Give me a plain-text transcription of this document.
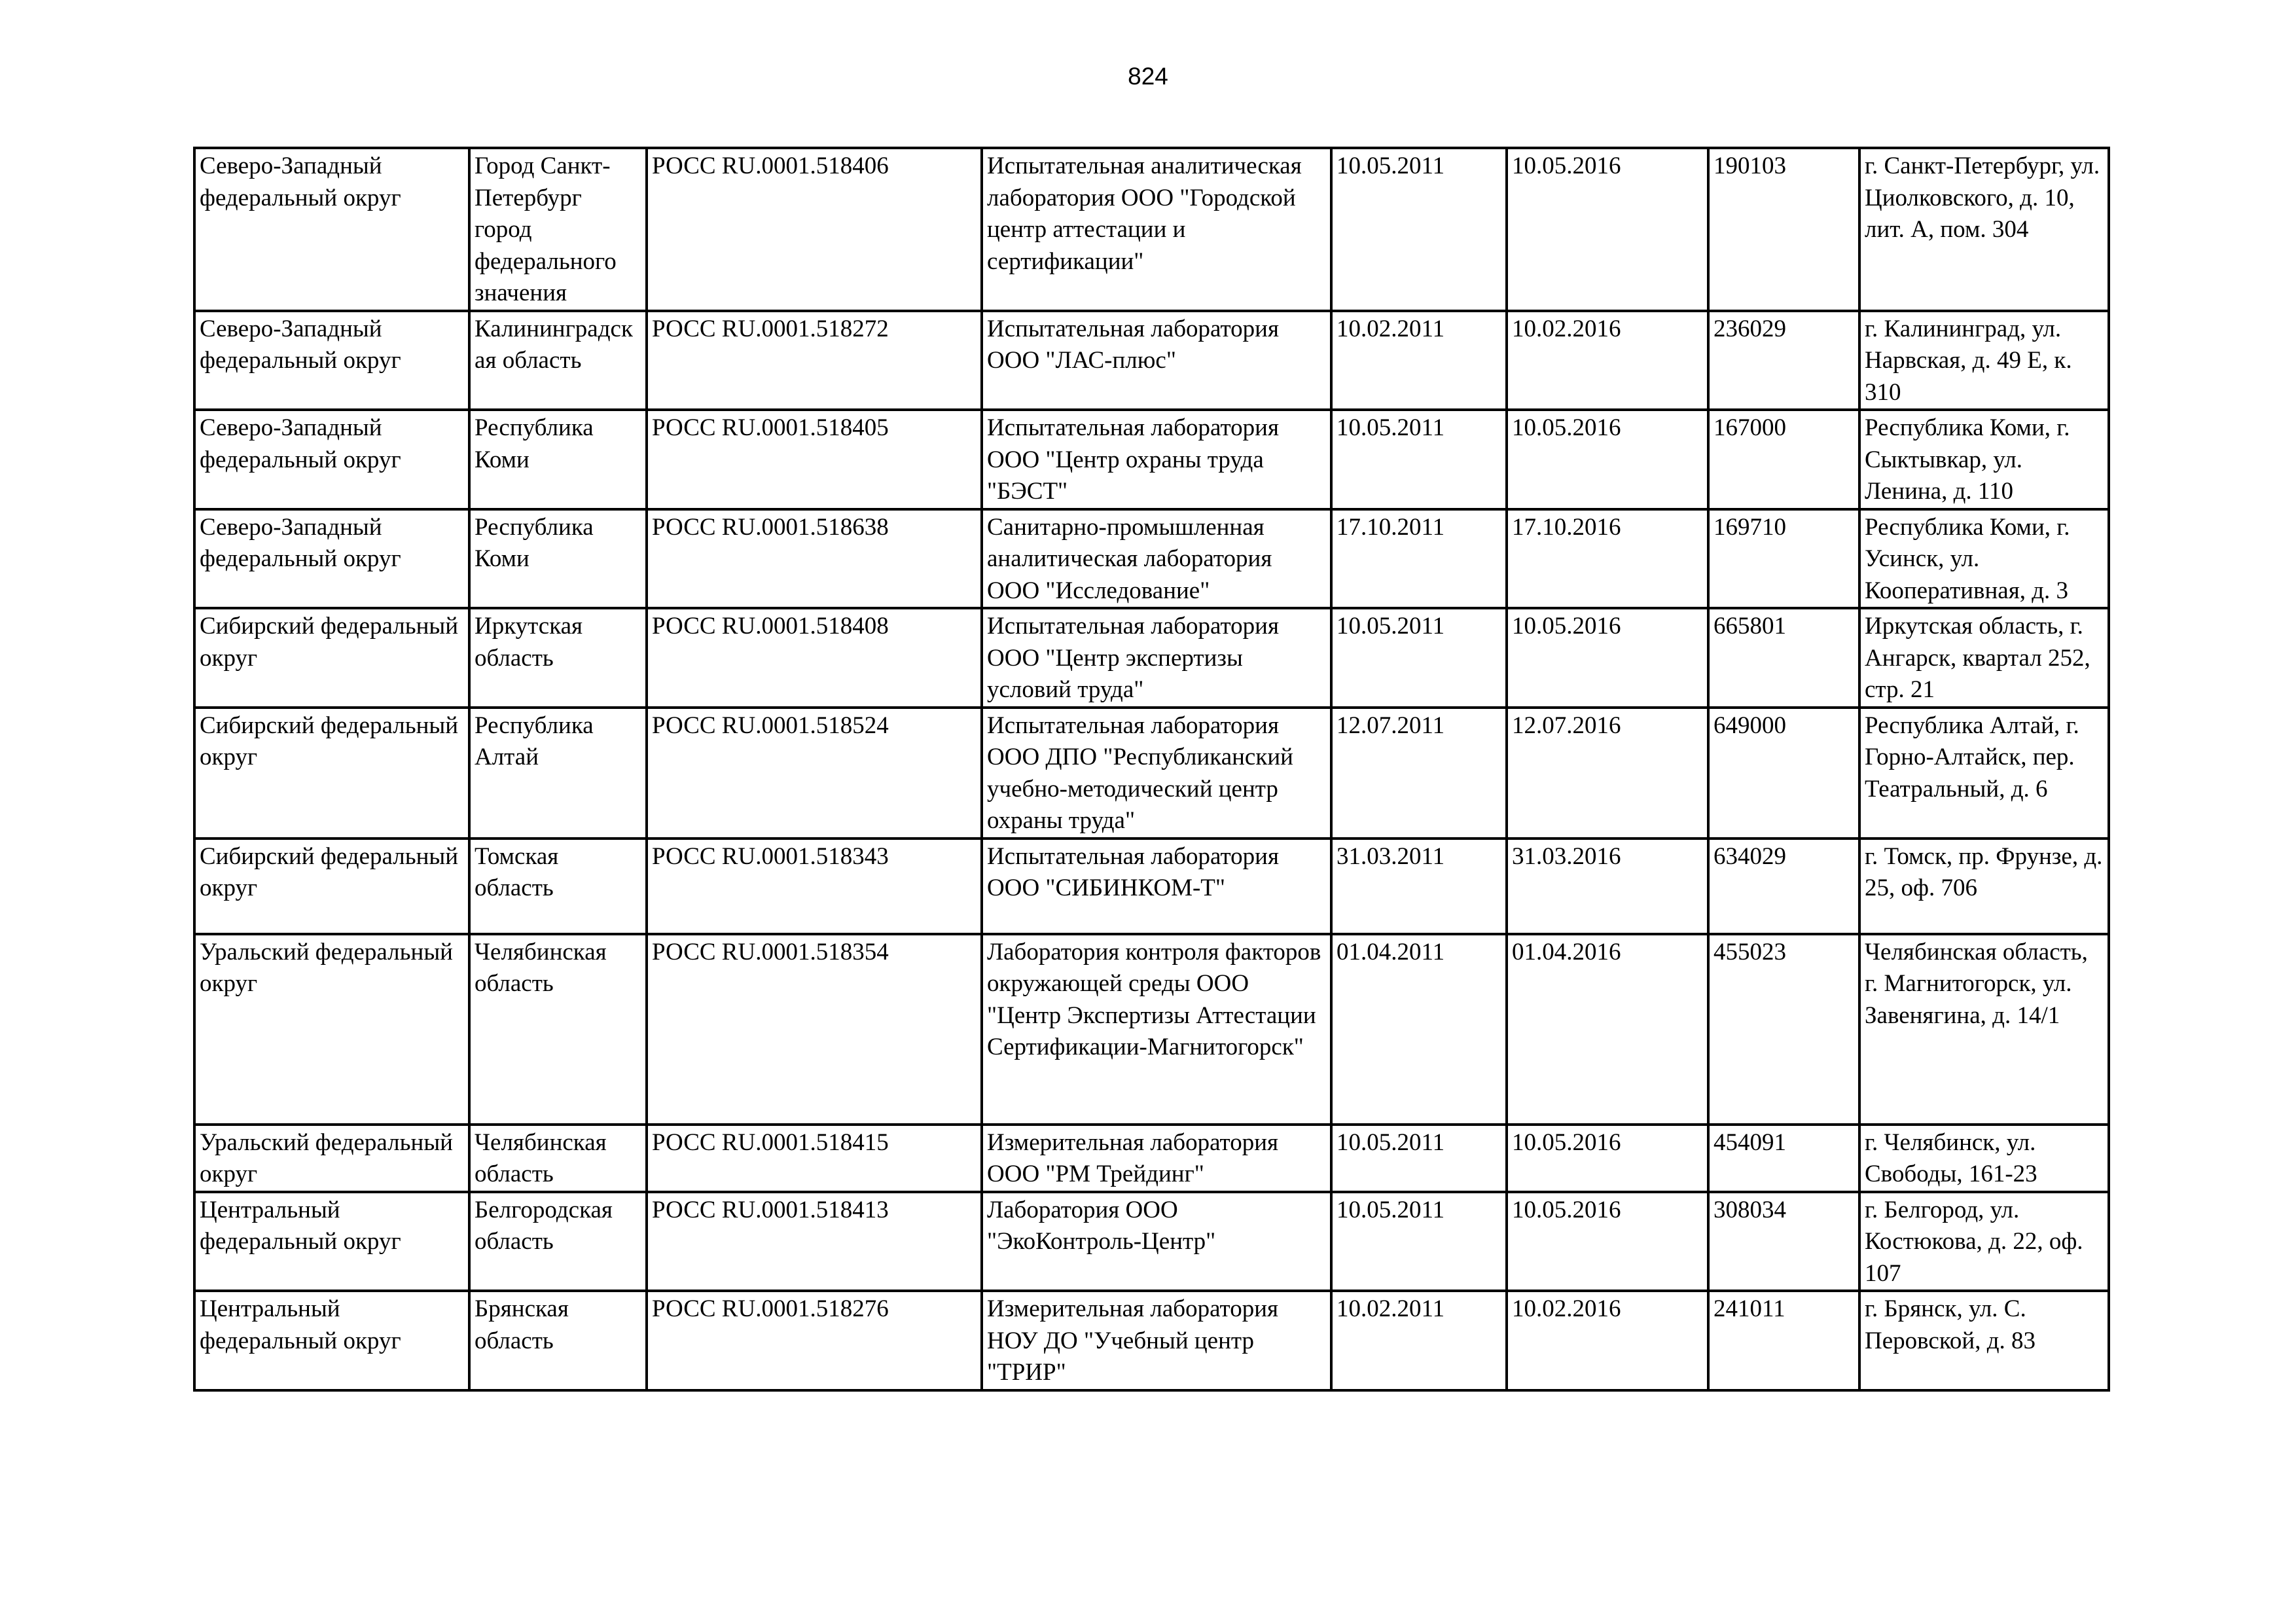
824
Северо-Западный федеральный округ	Город Санкт-Петербург город федерального значения	РОСС RU.0001.518406	Испытательная аналитическая лаборатория ООО "Городской центр аттестации и сертификации"	10.05.2011	10.05.2016	190103	г. Санкт-Петербург, ул. Циолковского, д. 10, лит. А, пом. 304
Северо-Западный федеральный округ	Калининградская область	РОСС RU.0001.518272	Испытательная лаборатория ООО "ЛАС-плюс"	10.02.2011	10.02.2016	236029	г. Калининград, ул. Нарвская, д. 49 Е, к. 310
Северо-Западный федеральный округ	Республика Коми	РОСС RU.0001.518405	Испытательная лаборатория ООО "Центр охраны труда "БЭСТ"	10.05.2011	10.05.2016	167000	Республика Коми, г. Сыктывкар, ул. Ленина, д. 110
Северо-Западный федеральный округ	Республика Коми	РОСС RU.0001.518638	Санитарно-промышленная аналитическая лаборатория ООО "Исследование"	17.10.2011	17.10.2016	169710	Республика Коми, г. Усинск, ул. Кооперативная, д. 3
Сибирский федеральный округ	Иркутская область	РОСС RU.0001.518408	Испытательная лаборатория ООО "Центр экспертизы условий труда"	10.05.2011	10.05.2016	665801	Иркутская область, г. Ангарск, квартал 252, стр. 21
Сибирский федеральный округ	Республика Алтай	РОСС RU.0001.518524	Испытательная лаборатория ООО ДПО "Республиканский учебно-методический центр охраны труда"	12.07.2011	12.07.2016	649000	Республика Алтай, г. Горно-Алтайск, пер. Театральный, д. 6
Сибирский федеральный округ	Томская область	РОСС RU.0001.518343	Испытательная лаборатория ООО "СИБИНКОМ-Т"	31.03.2011	31.03.2016	634029	г. Томск, пр. Фрунзе, д. 25, оф. 706
Уральский федеральный округ	Челябинская область	РОСС RU.0001.518354	Лаборатория контроля факторов окружающей среды ООО "Центр Экспертизы Аттестации Сертификации-Магнитогорск"	01.04.2011	01.04.2016	455023	Челябинская область, г. Магнитогорск, ул. Завенягина, д. 14/1
Уральский федеральный округ	Челябинская область	РОСС RU.0001.518415	Измерительная лаборатория ООО "РМ Трейдинг"	10.05.2011	10.05.2016	454091	г. Челябинск, ул. Свободы, 161-23
Центральный федеральный округ	Белгородская область	РОСС RU.0001.518413	Лаборатория ООО "ЭкоКонтроль-Центр"	10.05.2011	10.05.2016	308034	г. Белгород, ул. Костюкова, д. 22, оф. 107
Центральный федеральный округ	Брянская область	РОСС RU.0001.518276	Измерительная лаборатория НОУ ДО "Учебный центр "ТРИР"	10.02.2011	10.02.2016	241011	г. Брянск, ул. С. Перовской, д. 83
